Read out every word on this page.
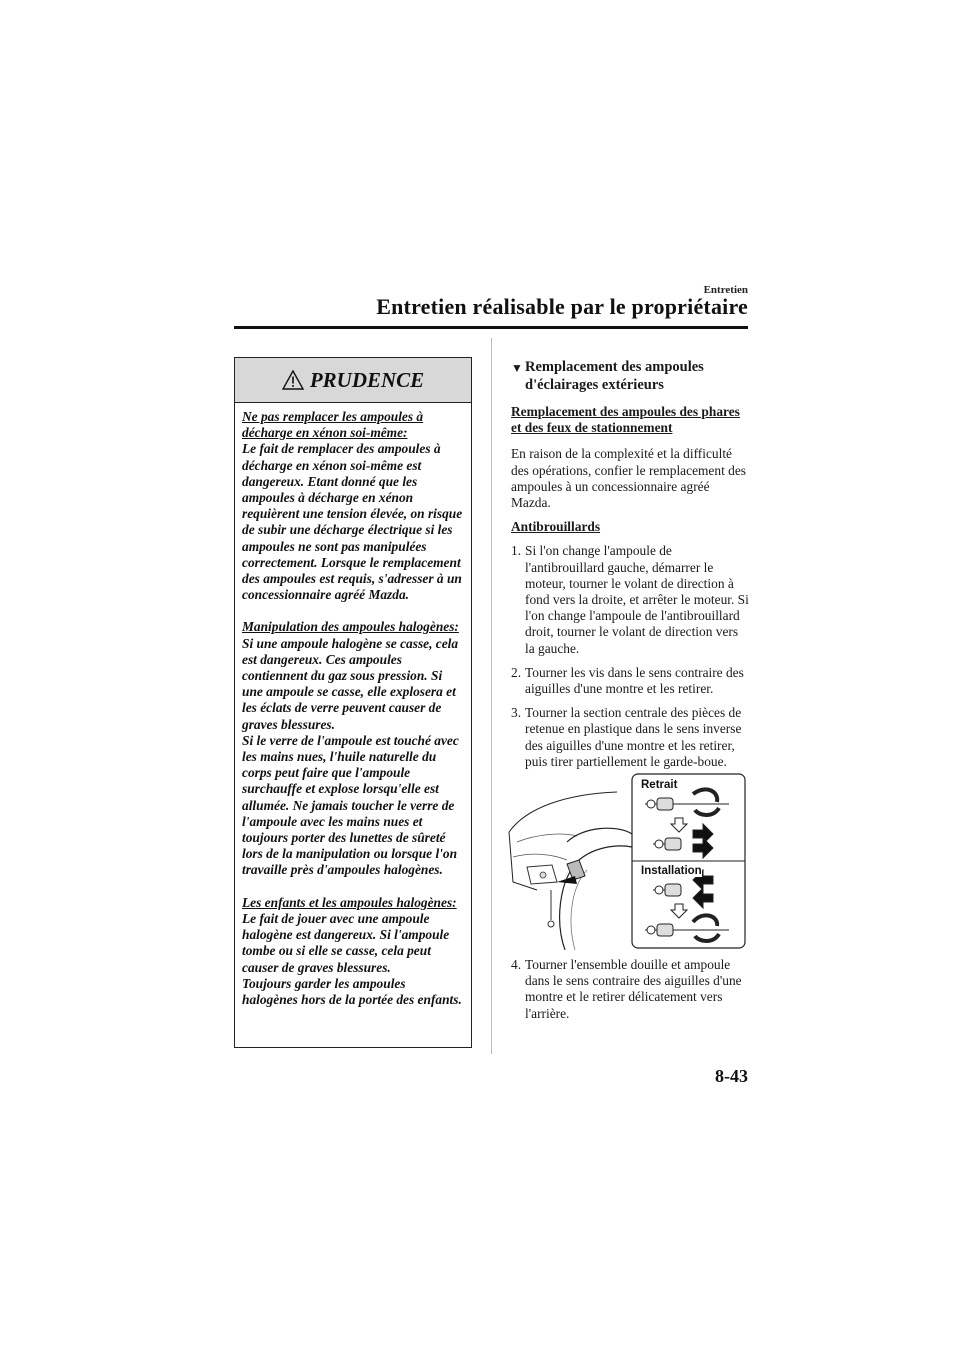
Entretien
Entretien réalisable par le propriétaire
PRUDENCE
Ne pas remplacer les ampoules à décharge en xénon soi-même:
Le fait de remplacer des ampoules à décharge en xénon soi-même est dangereux. Etant donné que les ampoules à décharge en xénon requièrent une tension élevée, on risque de subir une décharge électrique si les ampoules ne sont pas manipulées correctement. Lorsque le remplacement des ampoules est requis, s'adresser à un concessionnaire agréé Mazda.
Manipulation des ampoules halogènes:
Si une ampoule halogène se casse, cela est dangereux. Ces ampoules contiennent du gaz sous pression. Si une ampoule se casse, elle explosera et les éclats de verre peuvent causer de graves blessures.
Si le verre de l'ampoule est touché avec les mains nues, l'huile naturelle du corps peut faire que l'ampoule surchauffe et explose lorsqu'elle est allumée. Ne jamais toucher le verre de l'ampoule avec les mains nues et toujours porter des lunettes de sûreté lors de la manipulation ou lorsque l'on travaille près d'ampoules halogènes.
Les enfants et les ampoules halogènes:
Le fait de jouer avec une ampoule halogène est dangereux. Si l'ampoule tombe ou si elle se casse, cela peut causer de graves blessures.
Toujours garder les ampoules halogènes hors de la portée des enfants.
▼ Remplacement des ampoules d'éclairages extérieurs
Remplacement des ampoules des phares et des feux de stationnement
En raison de la complexité et la difficulté des opérations, confier le remplacement des ampoules à un concessionnaire agréé Mazda.
Antibrouillards
1. Si l'on change l'ampoule de l'antibrouillard gauche, démarrer le moteur, tourner le volant de direction à fond vers la droite, et arrêter le moteur. Si l'on change l'ampoule de l'antibrouillard droit, tourner le volant de direction vers la gauche.
2. Tourner les vis dans le sens contraire des aiguilles d'une montre et les retirer.
3. Tourner la section centrale des pièces de retenue en plastique dans le sens inverse des aiguilles d'une montre et les retirer, puis tirer partiellement le garde-boue.
Retrait
Installation
4. Tourner l'ensemble douille et ampoule dans le sens contraire des aiguilles d'une montre et le retirer délicatement vers l'arrière.
8-43
